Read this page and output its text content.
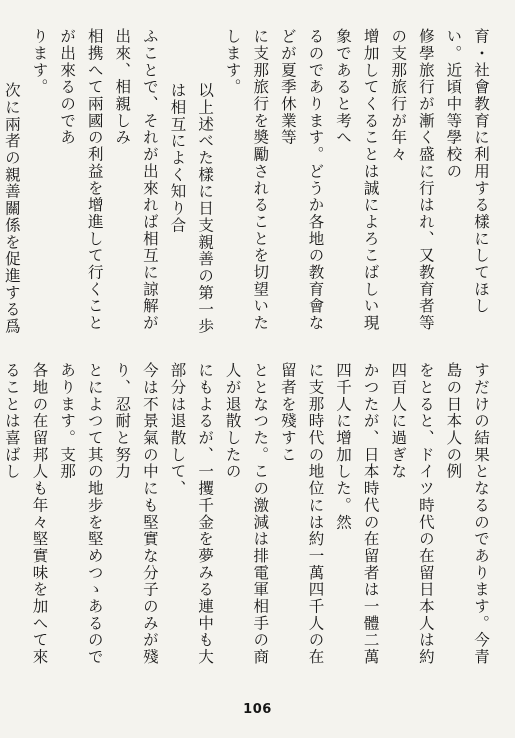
育・社會教育に利用する樣にしてほしい。近頃中等學校の

修學旅行が漸く盛に行はれ、又教育者等の支那旅行が年々

增加してくることは誠によろこばしい現象であると考へ

るのであります。どうか各地の教育會などが夏季休業等

に支那旅行を奬勵されることを切望いたします。

以上述べた樣に日支親善の第一歩は相互によく知り合

ふことで、それが出來れば相互に諒解が出來、相親しみ

相携へて兩國の利益を增進して行くことが出來るのであ

ります。

次に兩者の親善關係を促進する爲

すだけの結果となるのであります。今青島の日本人の例

をとると、ドイツ時代の在留日本人は約四百人に過ぎな

かつたが、日本時代の在留者は一體二萬四千人に增加した。然

に支那時代の地位には約一萬四千人の在留者を殘すこ

ととなつた。この激減は排電軍相手の商人が退散したの

にもよるが、一攫千金を夢みる連中も大部分は退散して、

今は不景氣の中にも堅實な分子のみが殘り、忍耐と努力

とによつて其の地步を堅めつゝあるのであります。支那

各地の在留邦人も年々堅實味を加へて來ることは喜ばし

106
